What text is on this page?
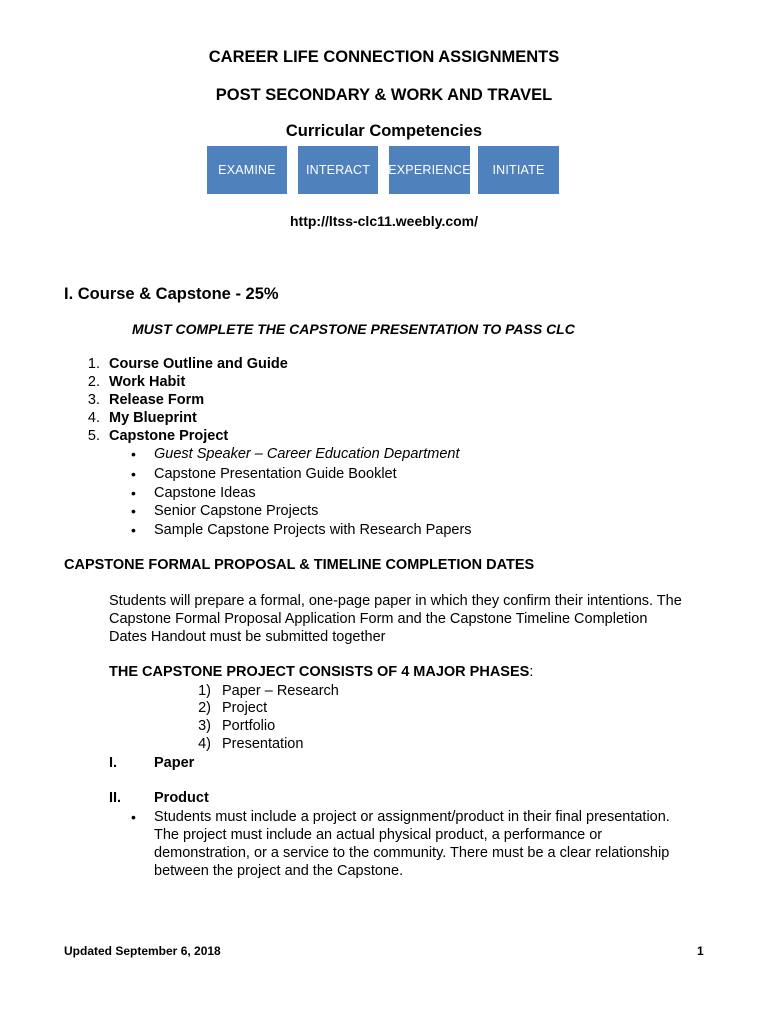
CAREER LIFE CONNECTION ASSIGNMENTS
POST SECONDARY & WORK AND TRAVEL
Curricular Competencies
EXAMINE	INTERACT	EXPERIENCE	INITIATE
http://ltss-clc11.weebly.com/
I. Course & Capstone - 25%
MUST COMPLETE THE CAPSTONE PRESENTATION TO PASS CLC
1. Course Outline and Guide
2. Work Habit
3. Release Form
4. My Blueprint
5. Capstone Project
• Guest Speaker – Career Education Department
• Capstone Presentation Guide Booklet
• Capstone Ideas
• Senior Capstone Projects
• Sample Capstone Projects with Research Papers
CAPSTONE FORMAL PROPOSAL & TIMELINE COMPLETION DATES
Students will prepare a formal, one-page paper in which they confirm their intentions. The
Capstone Formal Proposal Application Form and the Capstone Timeline Completion
Dates Handout must be submitted together
THE CAPSTONE PROJECT CONSISTS OF 4 MAJOR PHASES:
1) Paper – Research
2) Project
3) Portfolio
4) Presentation
I.	Paper
II. Product
• Students must include a project or assignment/product in their final presentation.
The project must include an actual physical product, a performance or
demonstration, or a service to the community. There must be a clear relationship
between the project and the Capstone.
Updated September 6, 2018	1
